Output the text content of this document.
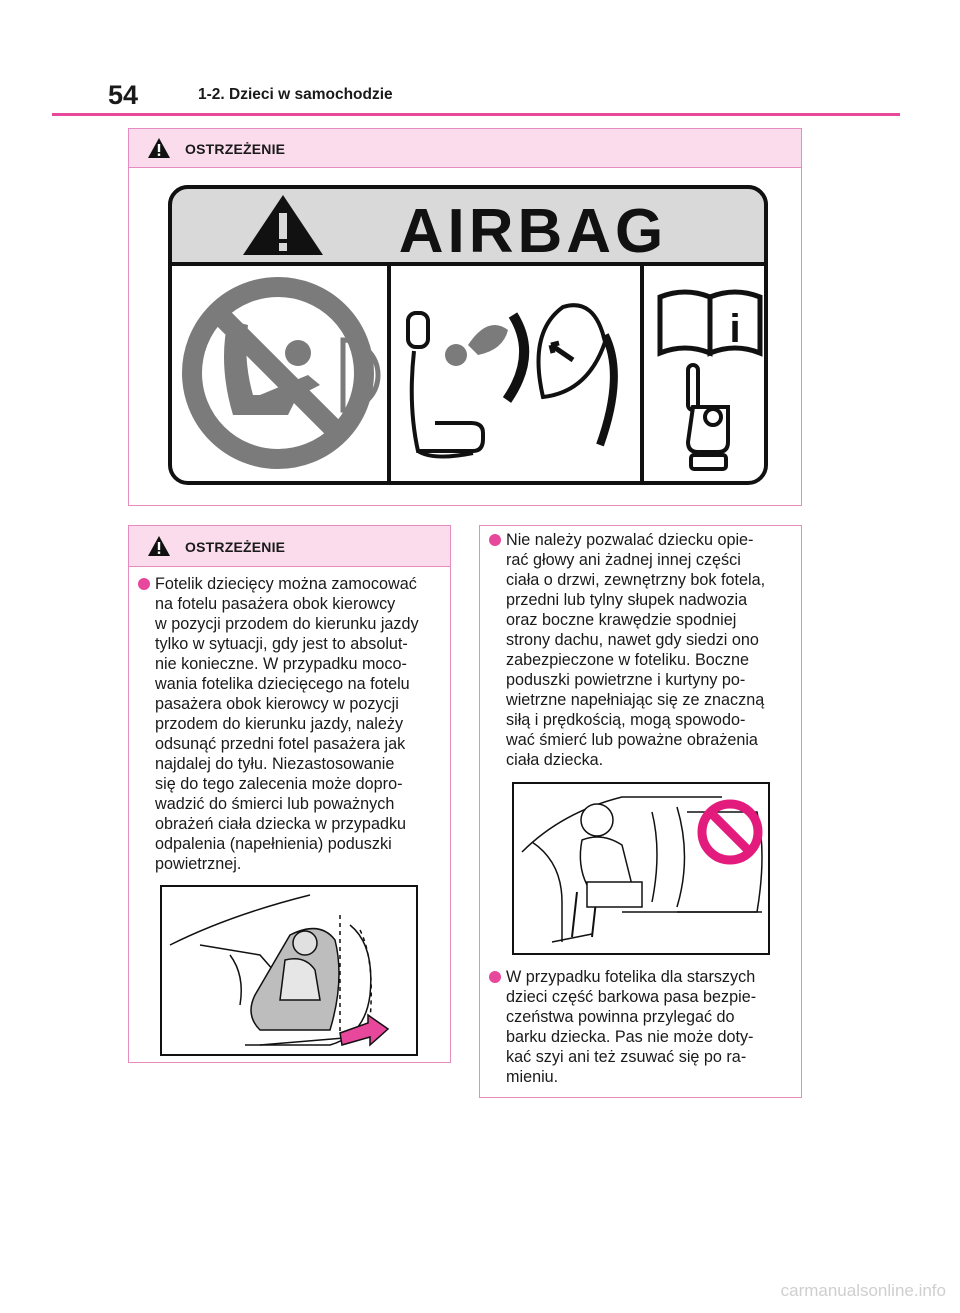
54	1-2. Dzieci w samochodzie
OSTRZEŻENIE
AIRBAG
i
OSTRZEŻENIE
Fotelik dziecięcy można zamocować
na fotelu pasażera obok kierowcy
w pozycji przodem do kierunku jazdy
tylko w sytuacji, gdy jest to absolut-
nie konieczne. W przypadku moco-
wania fotelika dziecięcego na fotelu
pasażera obok kierowcy w pozycji
przodem do kierunku jazdy, należy
odsunąć przedni fotel pasażera jak
najdalej do tyłu. Niezastosowanie
się do tego zalecenia może dopro-
wadzić do śmierci lub poważnych
obrażeń ciała dziecka w przypadku
odpalenia (napełnienia) poduszki
powietrznej.
Nie należy pozwalać dziecku opie-
rać głowy ani żadnej innej części
ciała o drzwi, zewnętrzny bok fotela,
przedni lub tylny słupek nadwozia
oraz boczne krawędzie spodniej
strony dachu, nawet gdy siedzi ono
zabezpieczone w foteliku. Boczne
poduszki powietrzne i kurtyny po-
wietrzne napełniając się ze znaczną
siłą i prędkością, mogą spowodo-
wać śmierć lub poważne obrażenia
ciała dziecka.
W przypadku fotelika dla starszych
dzieci część barkowa pasa bezpie-
czeństwa powinna przylegać do
barku dziecka. Pas nie może doty-
kać szyi ani też zsuwać się po ra-
mieniu.
carmanualsonline.info
